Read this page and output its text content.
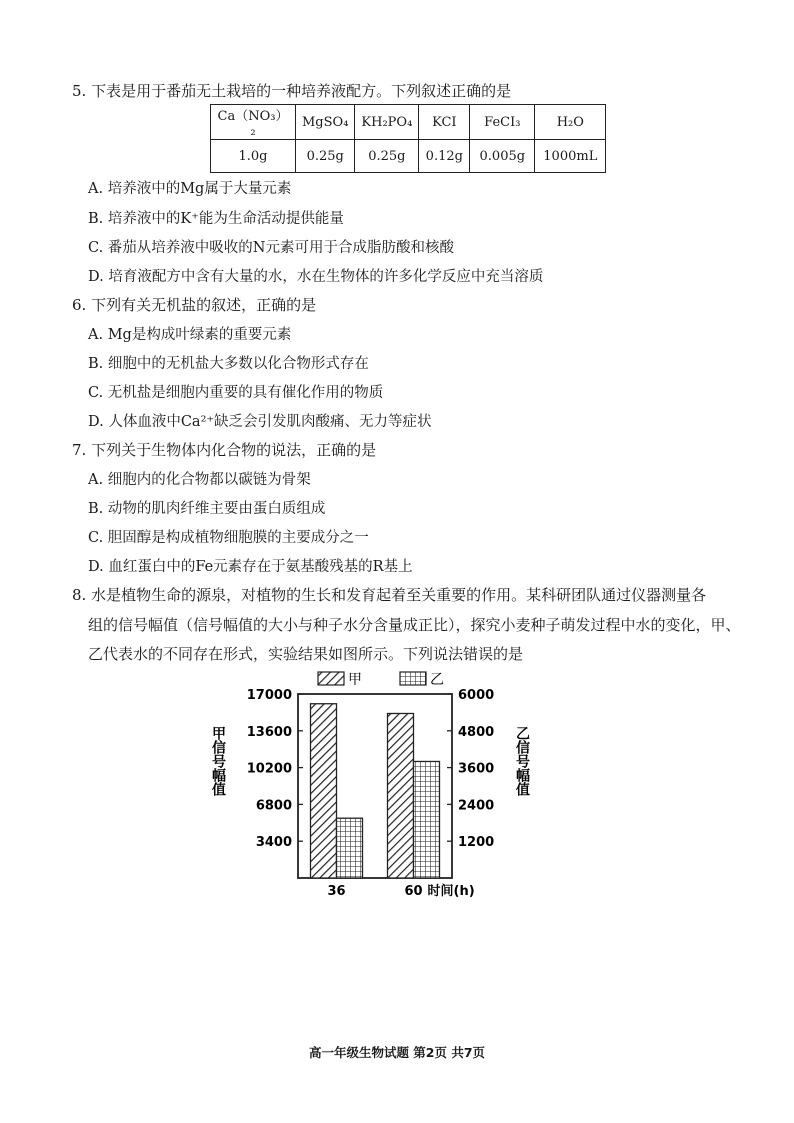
5. 下表是用于番茄无土栽培的一种培养液配方。下列叙述正确的是
Ca（NO₃）₂	MgSO₄	KH₂PO₄	KCI	FeCI₃	H₂O
1.0g	0.25g	0.25g	0.12g	0.005g	1000mL
A. 培养液中的Mg属于大量元素
B. 培养液中的K⁺能为生命活动提供能量
C. 番茄从培养液中吸收的N元素可用于合成脂肪酸和核酸
D. 培育液配方中含有大量的水，水在生物体的许多化学反应中充当溶质
6. 下列有关无机盐的叙述，正确的是
A. Mg是构成叶绿素的重要元素
B. 细胞中的无机盐大多数以化合物形式存在
C. 无机盐是细胞内重要的具有催化作用的物质
D. 人体血液中Ca²⁺缺乏会引发肌肉酸痛、无力等症状
7. 下列关于生物体内化合物的说法，正确的是
A. 细胞内的化合物都以碳链为骨架
B. 动物的肌肉纤维主要由蛋白质组成
C. 胆固醇是构成植物细胞膜的主要成分之一
D. 血红蛋白中的Fe元素存在于氨基酸残基的R基上
8. 水是植物生命的源泉，对植物的生长和发育起着至关重要的作用。某科研团队通过仪器测量各
组的信号幅值（信号幅值的大小与种子水分含量成正比），探究小麦种子萌发过程中水的变化，甲、
乙代表水的不同存在形式，实验结果如图所示。下列说法错误的是
甲	乙
甲信号幅值	乙信号幅值
3400
6800
10200
13600
17000
1200
2400
3600
4800
6000
36	60 时间(h)
高一年级生物试题 第2页 共7页
